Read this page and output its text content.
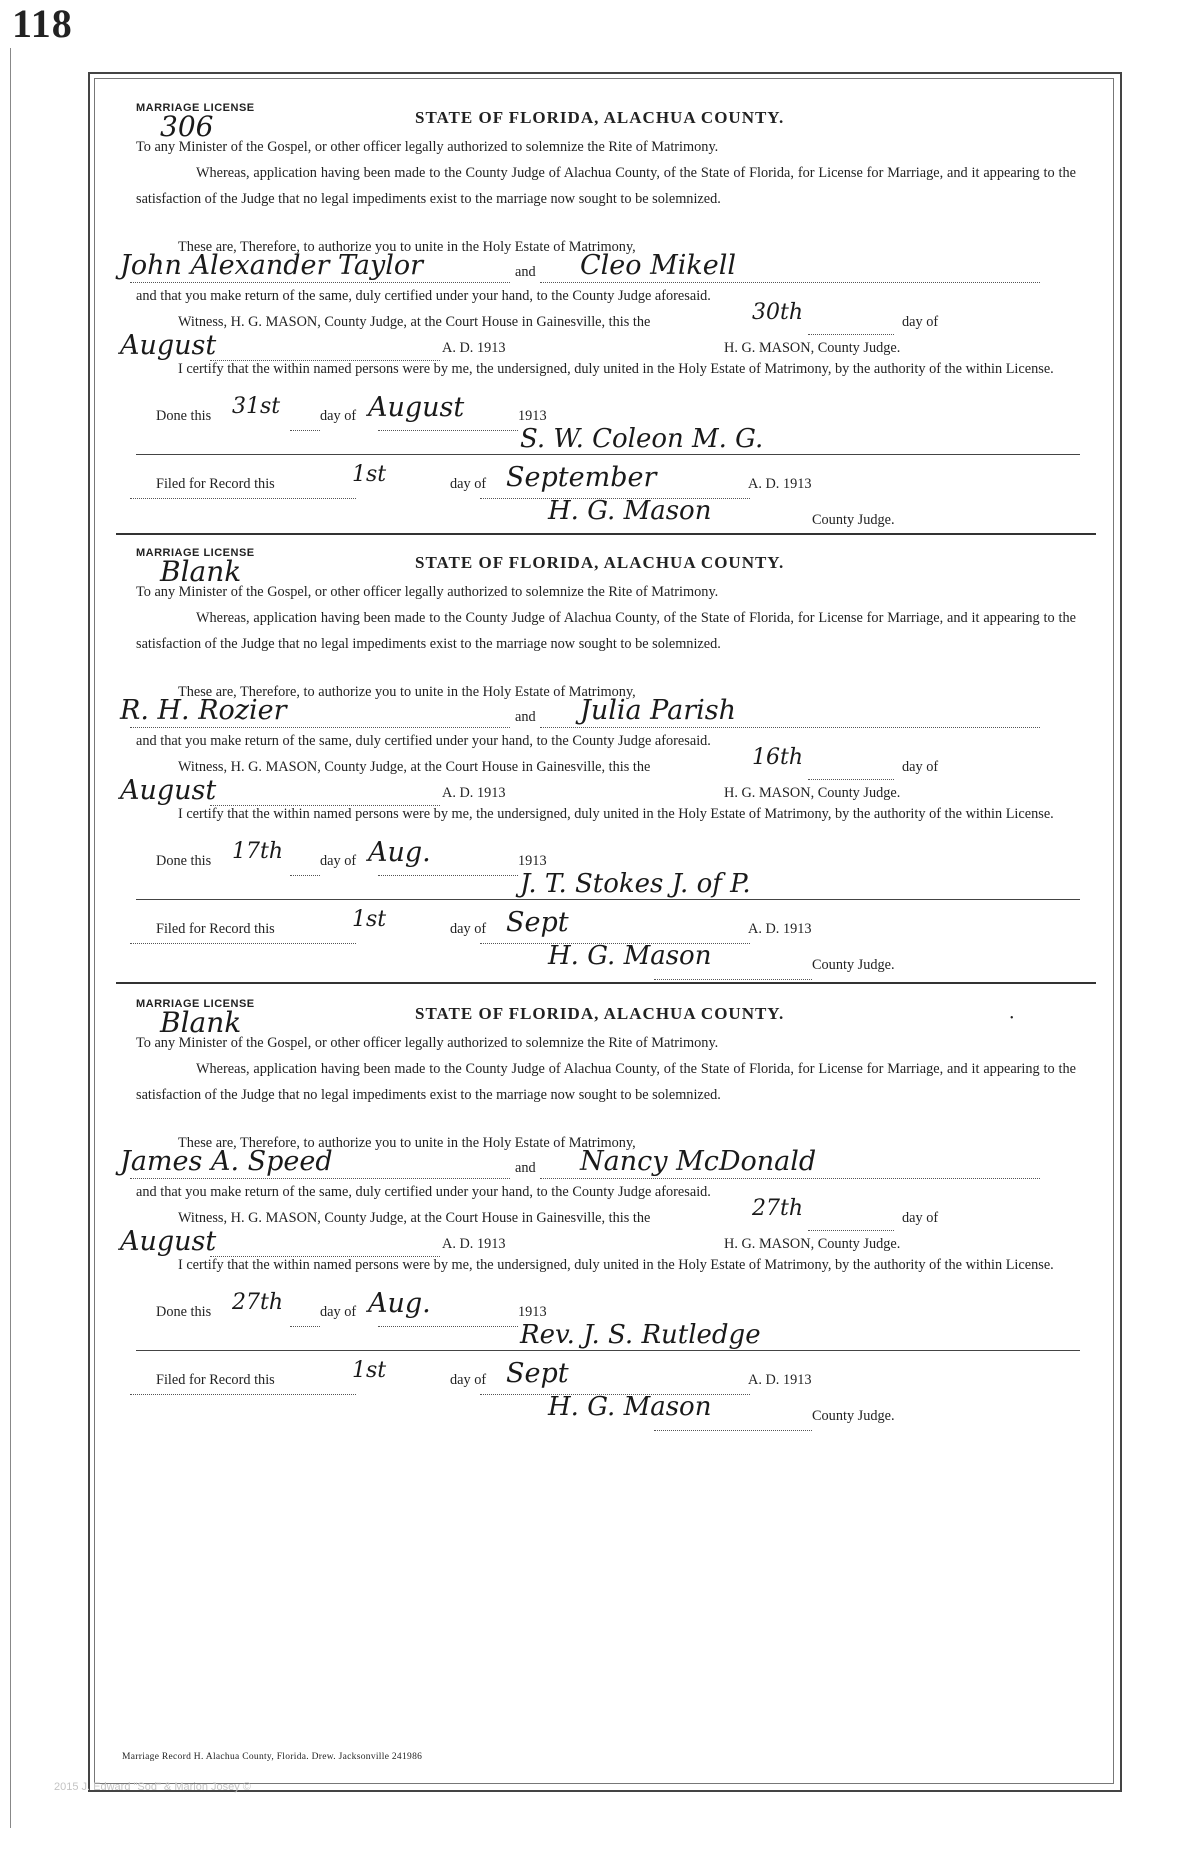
118
MARRIAGE LICENSE
306	STATE OF FLORIDA, ALACHUA COUNTY.
To any Minister of the Gospel, or other officer legally authorized to solemnize the Rite of Matrimony.
Whereas, application having been made to the County Judge of Alachua County, of the State of Florida, for License for Marriage, and it appearing to the satisfaction of the Judge that no legal impediments exist to the marriage now sought to be solemnized.
These are, Therefore, to authorize you to unite in the Holy Estate of Matrimony,
John Alexander Taylor	and Cleo Mikell
and that you make return of the same, duly certified under your hand, to the County Judge aforesaid.
Witness, H. G. MASON, County Judge, at the Court House in Gainesville, this the	30th	day of
August	A. D. 1913	H. G. MASON, County Judge.
I certify that the within named persons were by me, the undersigned, duly united in the Holy Estate of Matrimony, by the authority of the within License.
Done this 31st	day of August	1913
S. W. Coleon M. G.
Filed for Record this	1st	day of September	A. D. 1913
H. G. Mason	County Judge.
MARRIAGE LICENSE
Blank	STATE OF FLORIDA, ALACHUA COUNTY.
To any Minister of the Gospel, or other officer legally authorized to solemnize the Rite of Matrimony.
Whereas, application having been made to the County Judge of Alachua County, of the State of Florida, for License for Marriage, and it appearing to the satisfaction of the Judge that no legal impediments exist to the marriage now sought to be solemnized.
These are, Therefore, to authorize you to unite in the Holy Estate of Matrimony,
R. H. Rozier	and Julia Parish
and that you make return of the same, duly certified under your hand, to the County Judge aforesaid.
Witness, H. G. MASON, County Judge, at the Court House in Gainesville, this the	16th	day of
August	A. D. 1913	H. G. MASON, County Judge.
I certify that the within named persons were by me, the undersigned, duly united in the Holy Estate of Matrimony, by the authority of the within License.
Done this 17th	day of Aug.	1913
J. T. Stokes J. of P.
Filed for Record this	1st	day of Sept	A. D. 1913
H. G. Mason	County Judge.
MARRIAGE LICENSE
Blank	STATE OF FLORIDA, ALACHUA COUNTY.
To any Minister of the Gospel, or other officer legally authorized to solemnize the Rite of Matrimony.
Whereas, application having been made to the County Judge of Alachua County, of the State of Florida, for License for Marriage, and it appearing to the satisfaction of the Judge that no legal impediments exist to the marriage now sought to be solemnized.
These are, Therefore, to authorize you to unite in the Holy Estate of Matrimony,
James A. Speed	and Nancy McDonald
and that you make return of the same, duly certified under your hand, to the County Judge aforesaid.
Witness, H. G. MASON, County Judge, at the Court House in Gainesville, this the	27th	day of
August	A. D. 1913	H. G. MASON, County Judge.
I certify that the within named persons were by me, the undersigned, duly united in the Holy Estate of Matrimony, by the authority of the within License.
Done this 27th	day of Aug.	1913
Rev. J. S. Rutledge
Filed for Record this	1st	day of Sept	A. D. 1913
H. G. Mason	County Judge.
Marriage Record H. Alachua County, Florida. Drew. Jacksonville 241986
2015 J. Edward "Sod" & Marion Josey ©
•
